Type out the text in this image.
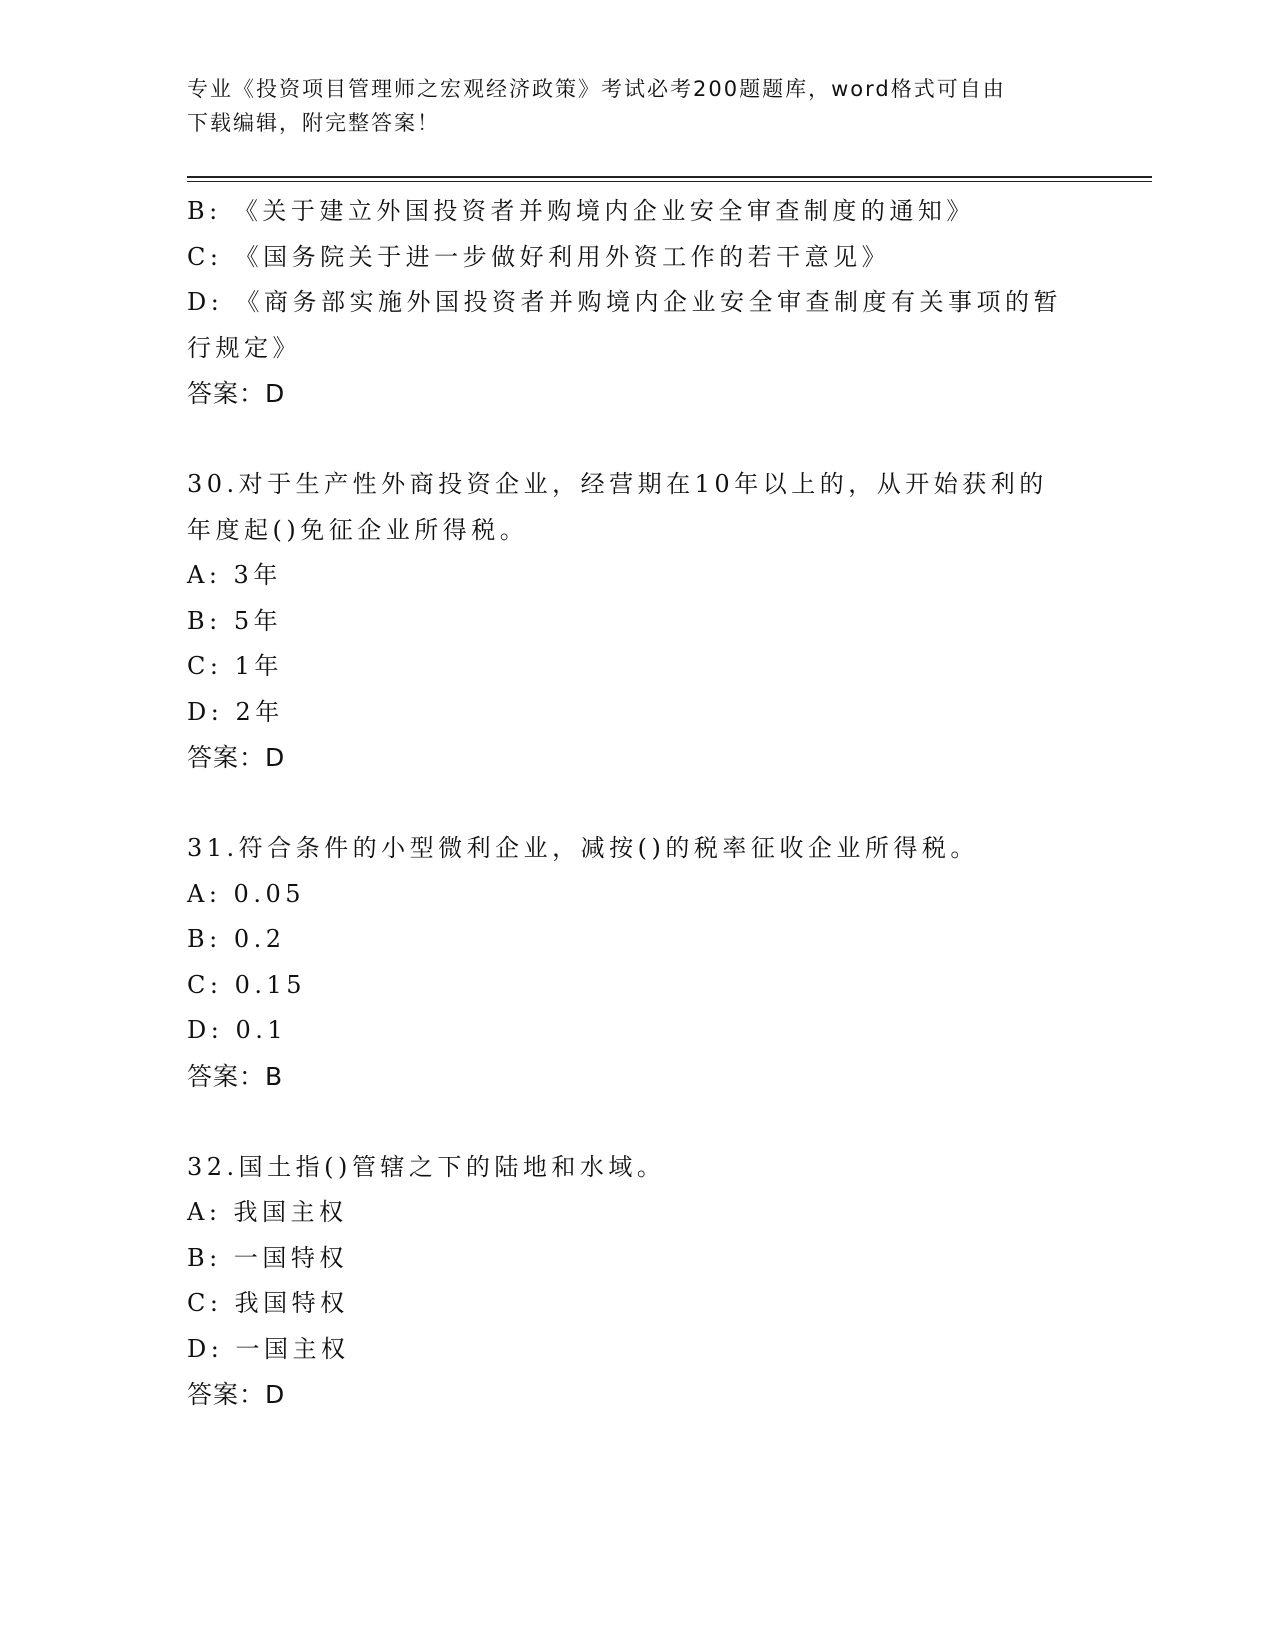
专业《投资项目管理师之宏观经济政策》考试必考200题题库，word格式可自由
下载编辑，附完整答案！
B: 《关于建立外国投资者并购境内企业安全审查制度的通知》
C: 《国务院关于进一步做好利用外资工作的若干意见》
D: 《商务部实施外国投资者并购境内企业安全审查制度有关事项的暂
行规定》
答案：D
30.对于生产性外商投资企业，经营期在10年以上的，从开始获利的
年度起()免征企业所得税。
A: 3年
B: 5年
C: 1年
D: 2年
答案：D
31.符合条件的小型微利企业，减按()的税率征收企业所得税。
A: 0.05
B: 0.2
C: 0.15
D: 0.1
答案：B
32.国土指()管辖之下的陆地和水域。
A: 我国主权
B: 一国特权
C: 我国特权
D: 一国主权
答案：D
